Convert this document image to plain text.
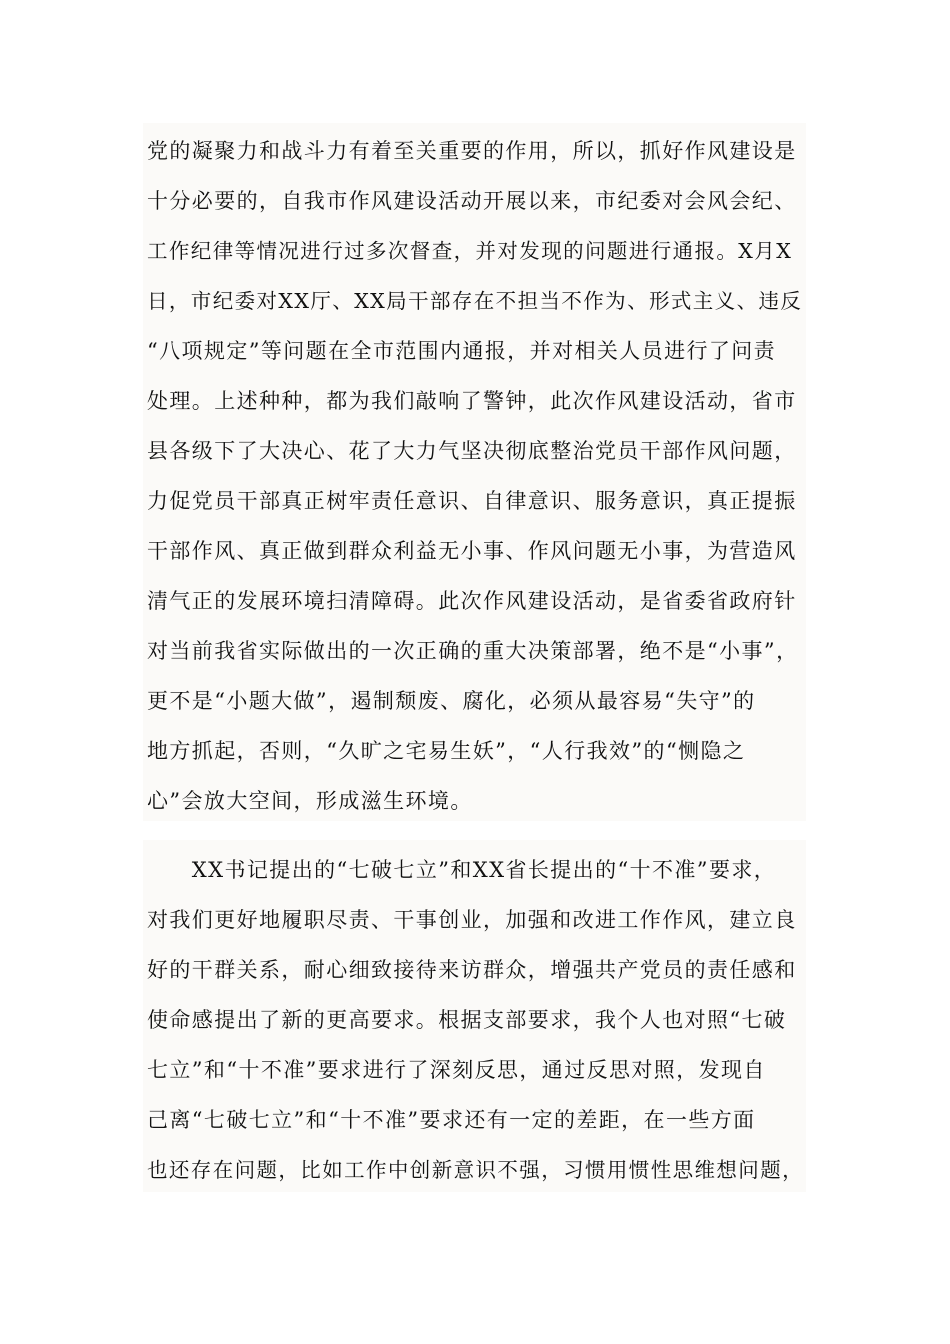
党的凝聚力和战斗力有着至关重要的作用，所以，抓好作风建设是
十分必要的，自我市作风建设活动开展以来，市纪委对会风会纪、
工作纪律等情况进行过多次督查，并对发现的问题进行通报。X月X
日，市纪委对XX厅、XX局干部存在不担当不作为、形式主义、违反
“八项规定”等问题在全市范围内通报，并对相关人员进行了问责
处理。上述种种，都为我们敲响了警钟，此次作风建设活动，省市
县各级下了大决心、花了大力气坚决彻底整治党员干部作风问题，
力促党员干部真正树牢责任意识、自律意识、服务意识，真正提振
干部作风、真正做到群众利益无小事、作风问题无小事，为营造风
清气正的发展环境扫清障碍。此次作风建设活动，是省委省政府针
对当前我省实际做出的一次正确的重大决策部署，绝不是“小事”，
更不是“小题大做”，遏制颓废、腐化，必须从最容易“失守”的
地方抓起，否则，“久旷之宅易生妖”，“人行我效”的“恻隐之
心”会放大空间，形成滋生环境。
　　XX书记提出的“七破七立”和XX省长提出的“十不准”要求，
对我们更好地履职尽责、干事创业，加强和改进工作作风，建立良
好的干群关系，耐心细致接待来访群众，增强共产党员的责任感和
使命感提出了新的更高要求。根据支部要求，我个人也对照“七破
七立”和“十不准”要求进行了深刻反思，通过反思对照，发现自
己离“七破七立”和“十不准”要求还有一定的差距，在一些方面
也还存在问题，比如工作中创新意识不强，习惯用惯性思维想问题，
